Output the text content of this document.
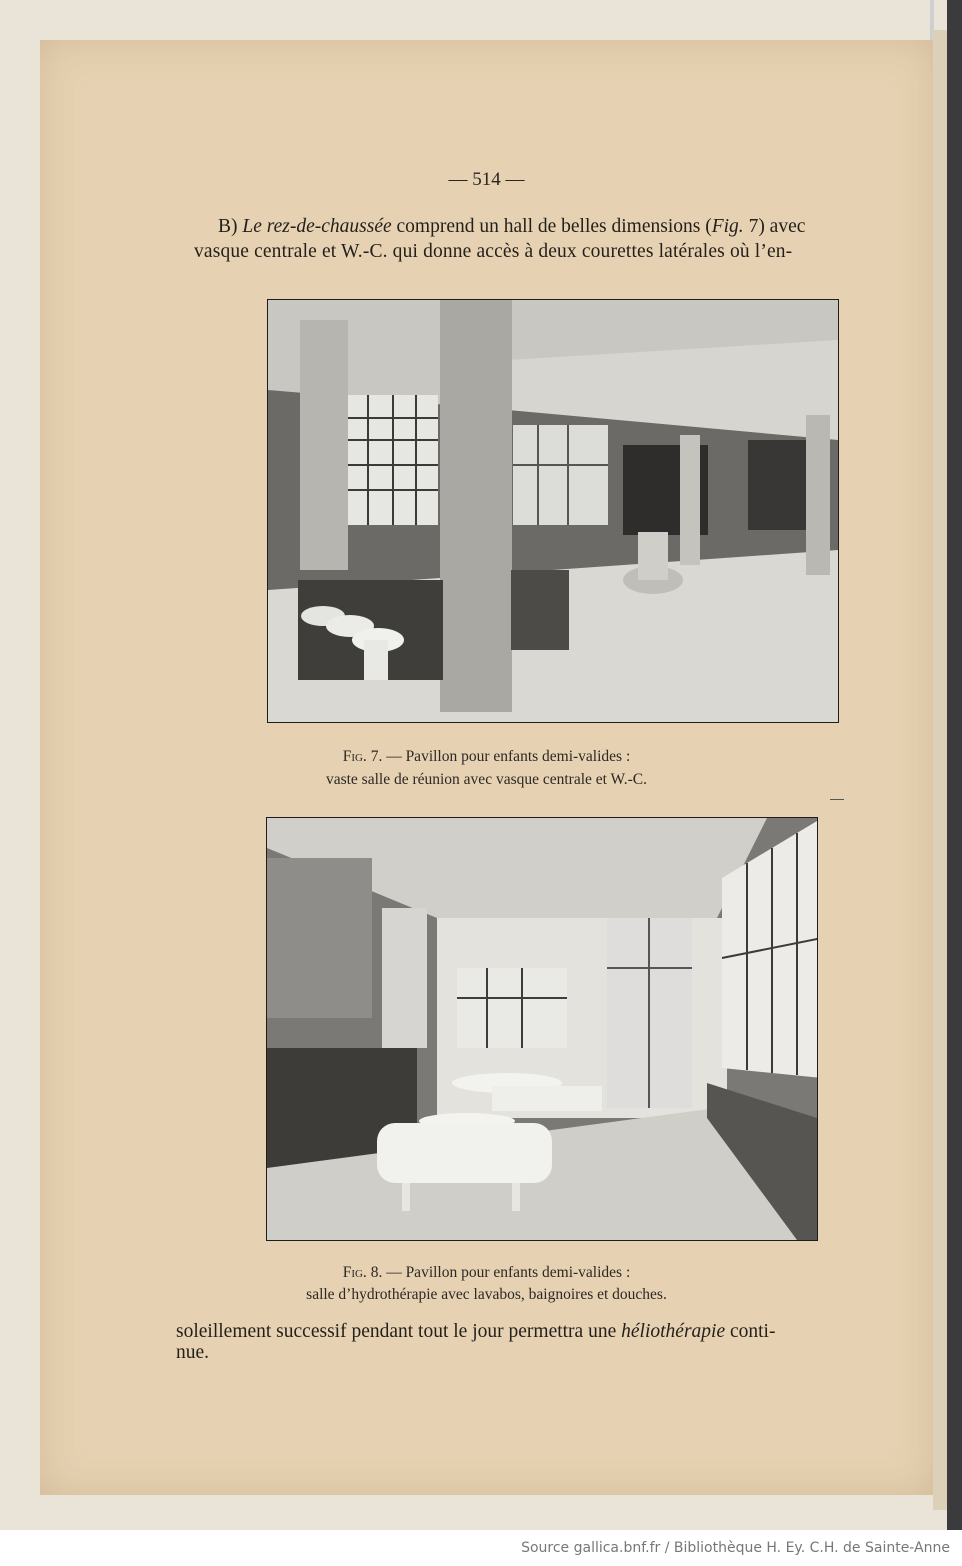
— 514 —

B) Le rez-de-chaussée comprend un hall de belles dimensions (Fig. 7) avec

vasque centrale et W.-C. qui donne accès à deux courettes latérales où l’en-

Fig. 7. — Pavillon pour enfants demi-valides :

vaste salle de réunion avec vasque centrale et W.-C.

Fig. 8. — Pavillon pour enfants demi-valides :

salle d’hydrothérapie avec lavabos, baignoires et douches.

soleillement successif pendant tout le jour permettra une héliothérapie conti-

nue.

Source gallica.bnf.fr / Bibliothèque H. Ey. C.H. de Sainte-Anne
